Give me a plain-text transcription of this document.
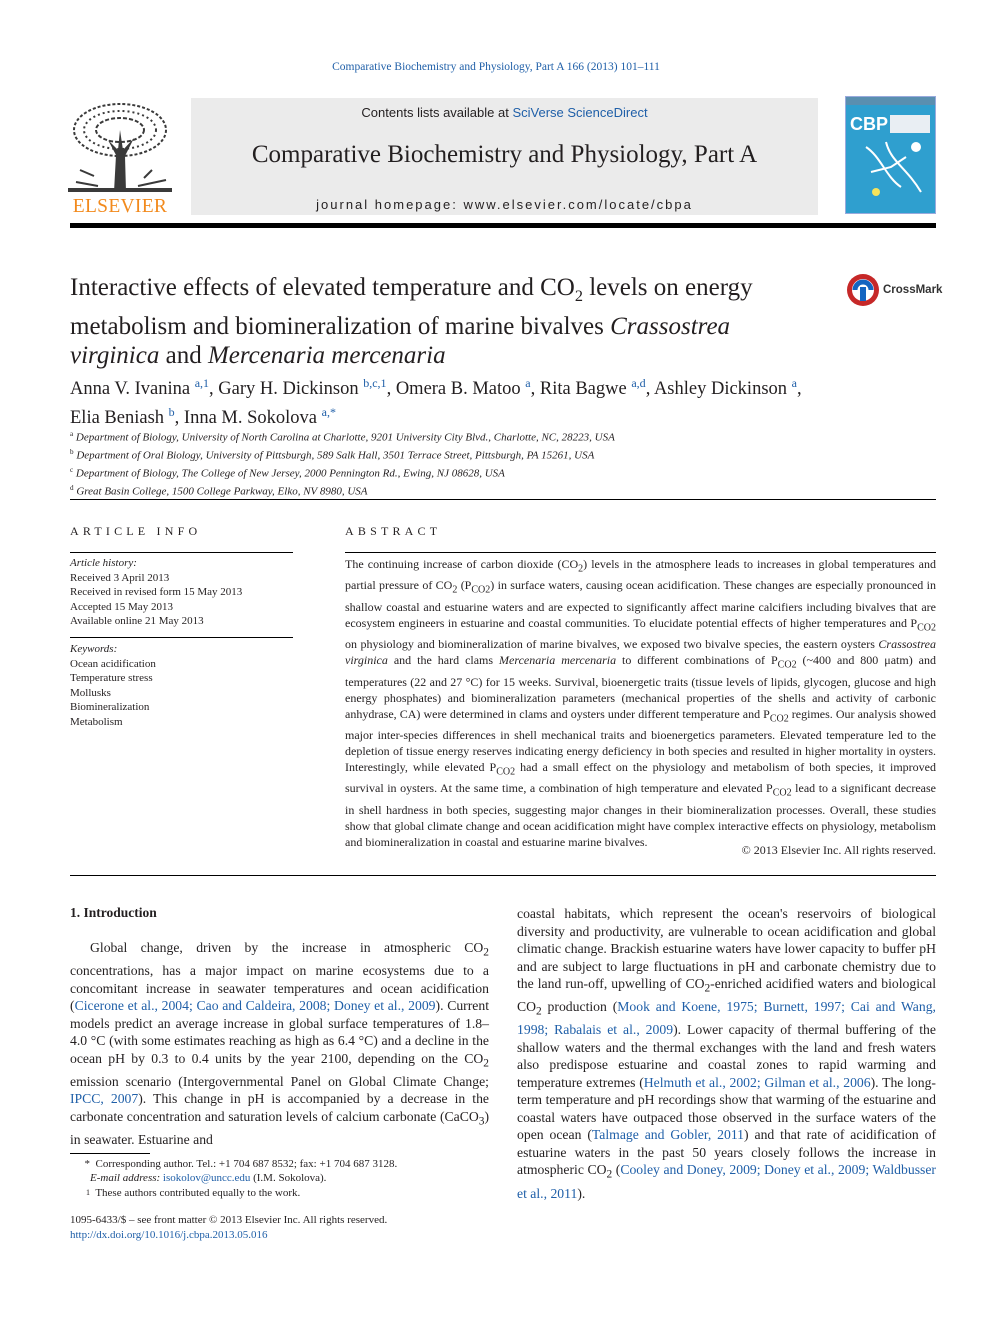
Comparative Biochemistry and Physiology, Part A 166 (2013) 101–111
ELSEVIER
Contents lists available at SciVerse ScienceDirect
Comparative Biochemistry and Physiology, Part A
journal homepage: www.elsevier.com/locate/cbpa
CBP
Interactive effects of elevated temperature and $CO_2$ levels on energy
metabolism and biomineralization of marine bivalves Crassostrea
virginica and Mercenaria mercenaria
CrossMark
Anna V. Ivanina $^{a,1}$, Gary H. Dickinson $^{b,c,1}$, Omera B. Matoo $^a$, Rita Bagwe $^{a,d}$, Ashley Dickinson $^a$,
Elia Beniash $^b$, Inna M. Sokolova $^{a,*}$
$^a$ Department of Biology, University of North Carolina at Charlotte, 9201 University City Blvd., Charlotte, NC, 28223, USA
$^b$ Department of Oral Biology, University of Pittsburgh, 589 Salk Hall, 3501 Terrace Street, Pittsburgh, PA 15261, USA
$^c$ Department of Biology, The College of New Jersey, 2000 Pennington Rd., Ewing, NJ 08628, USA
$^d$ Great Basin College, 1500 College Parkway, Elko, NV 8980, USA
ARTICLE INFO
Article history:
Received 3 April 2013
Received in revised form 15 May 2013
Accepted 15 May 2013
Available online 21 May 2013
Keywords:
Ocean acidification
Temperature stress
Mollusks
Biomineralization
Metabolism
ABSTRACT
The continuing increase of carbon dioxide $(CO_2)$ levels in the atmosphere leads to increases in global temperatures and partial pressure of $CO_2$ $(P_{CO2})$ in surface waters, causing ocean acidification. These changes are especially pronounced in shallow coastal and estuarine waters and are expected to significantly affect marine calcifiers including bivalves that are ecosystem engineers in estuarine and coastal communities. To elucidate potential effects of higher temperatures and $P_{CO2}$ on physiology and biomineralization of marine bivalves, we exposed two bivalve species, the eastern oysters Crassostrea virginica and the hard clams Mercenaria mercenaria to different combinations of $P_{CO2}$ (~400 and 800 μatm) and temperatures (22 and 27 °C) for 15 weeks. Survival, bioenergetic traits (tissue levels of lipids, glycogen, glucose and high energy phosphates) and biomineralization parameters (mechanical properties of the shells and activity of carbonic anhydrase, CA) were determined in clams and oysters under different temperature and $P_{CO2}$ regimes. Our analysis showed major inter-species differences in shell mechanical traits and bioenergetics parameters. Elevated temperature led to the depletion of tissue energy reserves indicating energy deficiency in both species and resulted in higher mortality in oysters. Interestingly, while elevated $P_{CO2}$ had a small effect on the physiology and metabolism of both species, it improved survival in oysters. At the same time, a combination of high temperature and elevated $P_{CO2}$ lead to a significant decrease in shell hardness in both species, suggesting major changes in their biomineralization processes. Overall, these studies show that global climate change and ocean acidification might have complex interactive effects on physiology, metabolism and biomineralization in coastal and estuarine marine bivalves.
© 2013 Elsevier Inc. All rights reserved.
1. Introduction
Global change, driven by the increase in atmospheric $CO_2$ concentrations, has a major impact on marine ecosystems due to a concomitant increase in seawater temperatures and ocean acidification (Cicerone et al., 2004; Cao and Caldeira, 2008; Doney et al., 2009). Current models predict an average increase in global surface temperatures of 1.8–4.0 °C (with some estimates reaching as high as 6.4 °C) and a decline in the ocean pH by 0.3 to 0.4 units by the year 2100, depending on the $CO_2$ emission scenario (Intergovernmental Panel on Global Climate Change; IPCC, 2007). This change in pH is accompanied by a decrease in the carbonate concentration and saturation levels of calcium carbonate (CaCO$_3$) in seawater. Estuarine and
coastal habitats, which represent the ocean's reservoirs of biological diversity and productivity, are vulnerable to ocean acidification and global climatic change. Brackish estuarine waters have lower capacity to buffer pH and are subject to large fluctuations in pH and carbonate chemistry due to the land run-off, upwelling of $CO_2$-enriched acidified waters and biological $CO_2$ production (Mook and Koene, 1975; Burnett, 1997; Cai and Wang, 1998; Rabalais et al., 2009). Lower capacity of thermal buffering of the shallow waters and the thermal exchanges with the land and fresh waters also predispose estuarine and coastal zones to rapid warming and temperature extremes (Helmuth et al., 2002; Gilman et al., 2006). The long-term temperature and pH recordings show that warming of the estuarine and coastal waters have outpaced those observed in the surface waters of the open ocean (Talmage and Gobler, 2011) and that rate of acidification of estuarine waters in the past 50 years closely follows the increase in atmospheric $CO_2$ (Cooley and Doney, 2009; Doney et al., 2009; Waldbusser et al., 2011).
* Corresponding author. Tel.: +1 704 687 8532; fax: +1 704 687 3128.
E-mail address: isokolov@uncc.edu (I.M. Sokolova).
1 These authors contributed equally to the work.
1095-6433/$ – see front matter © 2013 Elsevier Inc. All rights reserved.
http://dx.doi.org/10.1016/j.cbpa.2013.05.016
